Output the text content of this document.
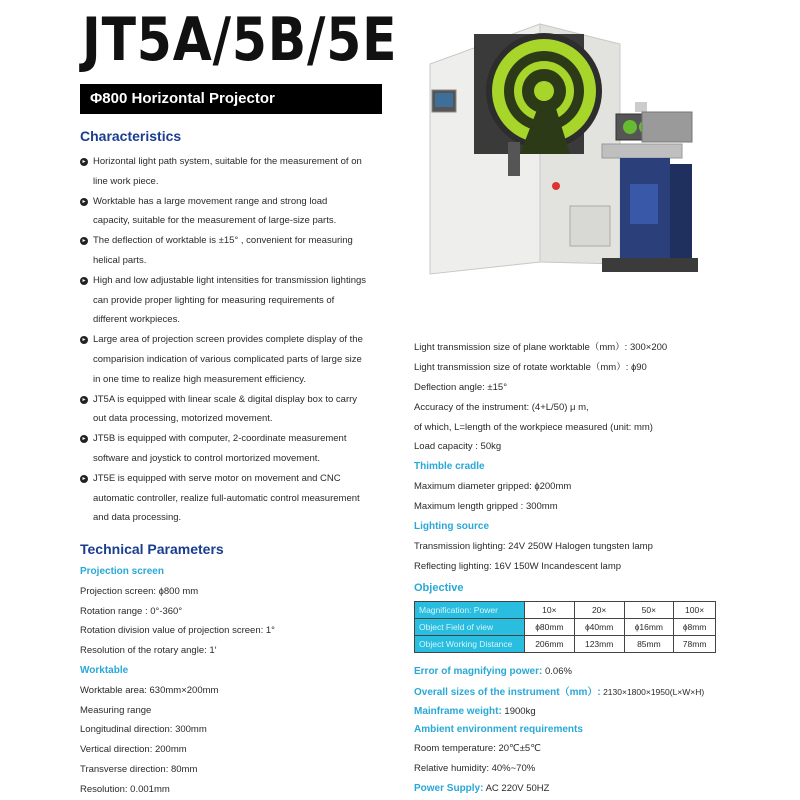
JT5A/5B/5E
Φ800 Horizontal Projector
Characteristics
▸ Horizontal light path system, suitable for the measurement of on
line work piece.
▸ Worktable has a large movement range and strong load
capacity, suitable for the measurement of large-size parts.
▸ The deflection of worktable is ±15° , convenient for measuring
helical parts.
▸ High and low adjustable light intensities for transmission lightings
can provide proper lighting for measuring requirements of
different workpieces.
▸ Large area of projection screen provides complete display of the
comparision indication of various complicated parts of large size
in one time to realize high measurement efficiency.
▸ JT5A is equipped with linear scale & digital display box to carry
out data processing, motorized movement.
▸ JT5B is equipped with computer, 2-coordinate measurement
software and joystick to control mortorized movement.
▸ JT5E is equipped with serve motor on movement and CNC
automatic controller, realize full-automatic control measurement
and data processing.
Technical Parameters
Projection screen
Projection screen: ɸ800 mm
Rotation range : 0°-360°
Rotation division value of projection screen: 1°
Resolution of the rotary angle: 1′
Worktable
Worktable area: 630mm×200mm
Measuring range
Longitudinal direction: 300mm
Vertical direction: 200mm
Transverse direction: 80mm
Resolution: 0.001mm
Light transmission size of plane worktable（mm）: 300×200
Light transmission size of rotate worktable（mm）: ɸ90
Deflection angle: ±15°
Accuracy of the instrument: (4+L/50) μ m,
of which, L=length of the workpiece measured (unit: mm)
Load capacity : 50kg
Thimble cradle
Maximum diameter gripped: ɸ200mm
Maximum length gripped : 300mm
Lighting source
Transmission lighting: 24V 250W Halogen tungsten lamp
Reflecting lighting: 16V 150W Incandescent lamp
Objective
Magnification: Power	10×	20×	50×	100×
Object Field of view	ɸ80mm	ɸ40mm	ɸ16mm	ɸ8mm
Object Working Distance	206mm	123mm	85mm	78mm
Error of magnifying power: 0.06%
Overall sizes of the instrument（mm）: 2130×1800×1950(L×W×H)
Mainframe weight: 1900kg
Ambient environment requirements
Room temperature: 20℃±5℃
Relative humidity: 40%~70%
Power Supply: AC 220V 50HZ
